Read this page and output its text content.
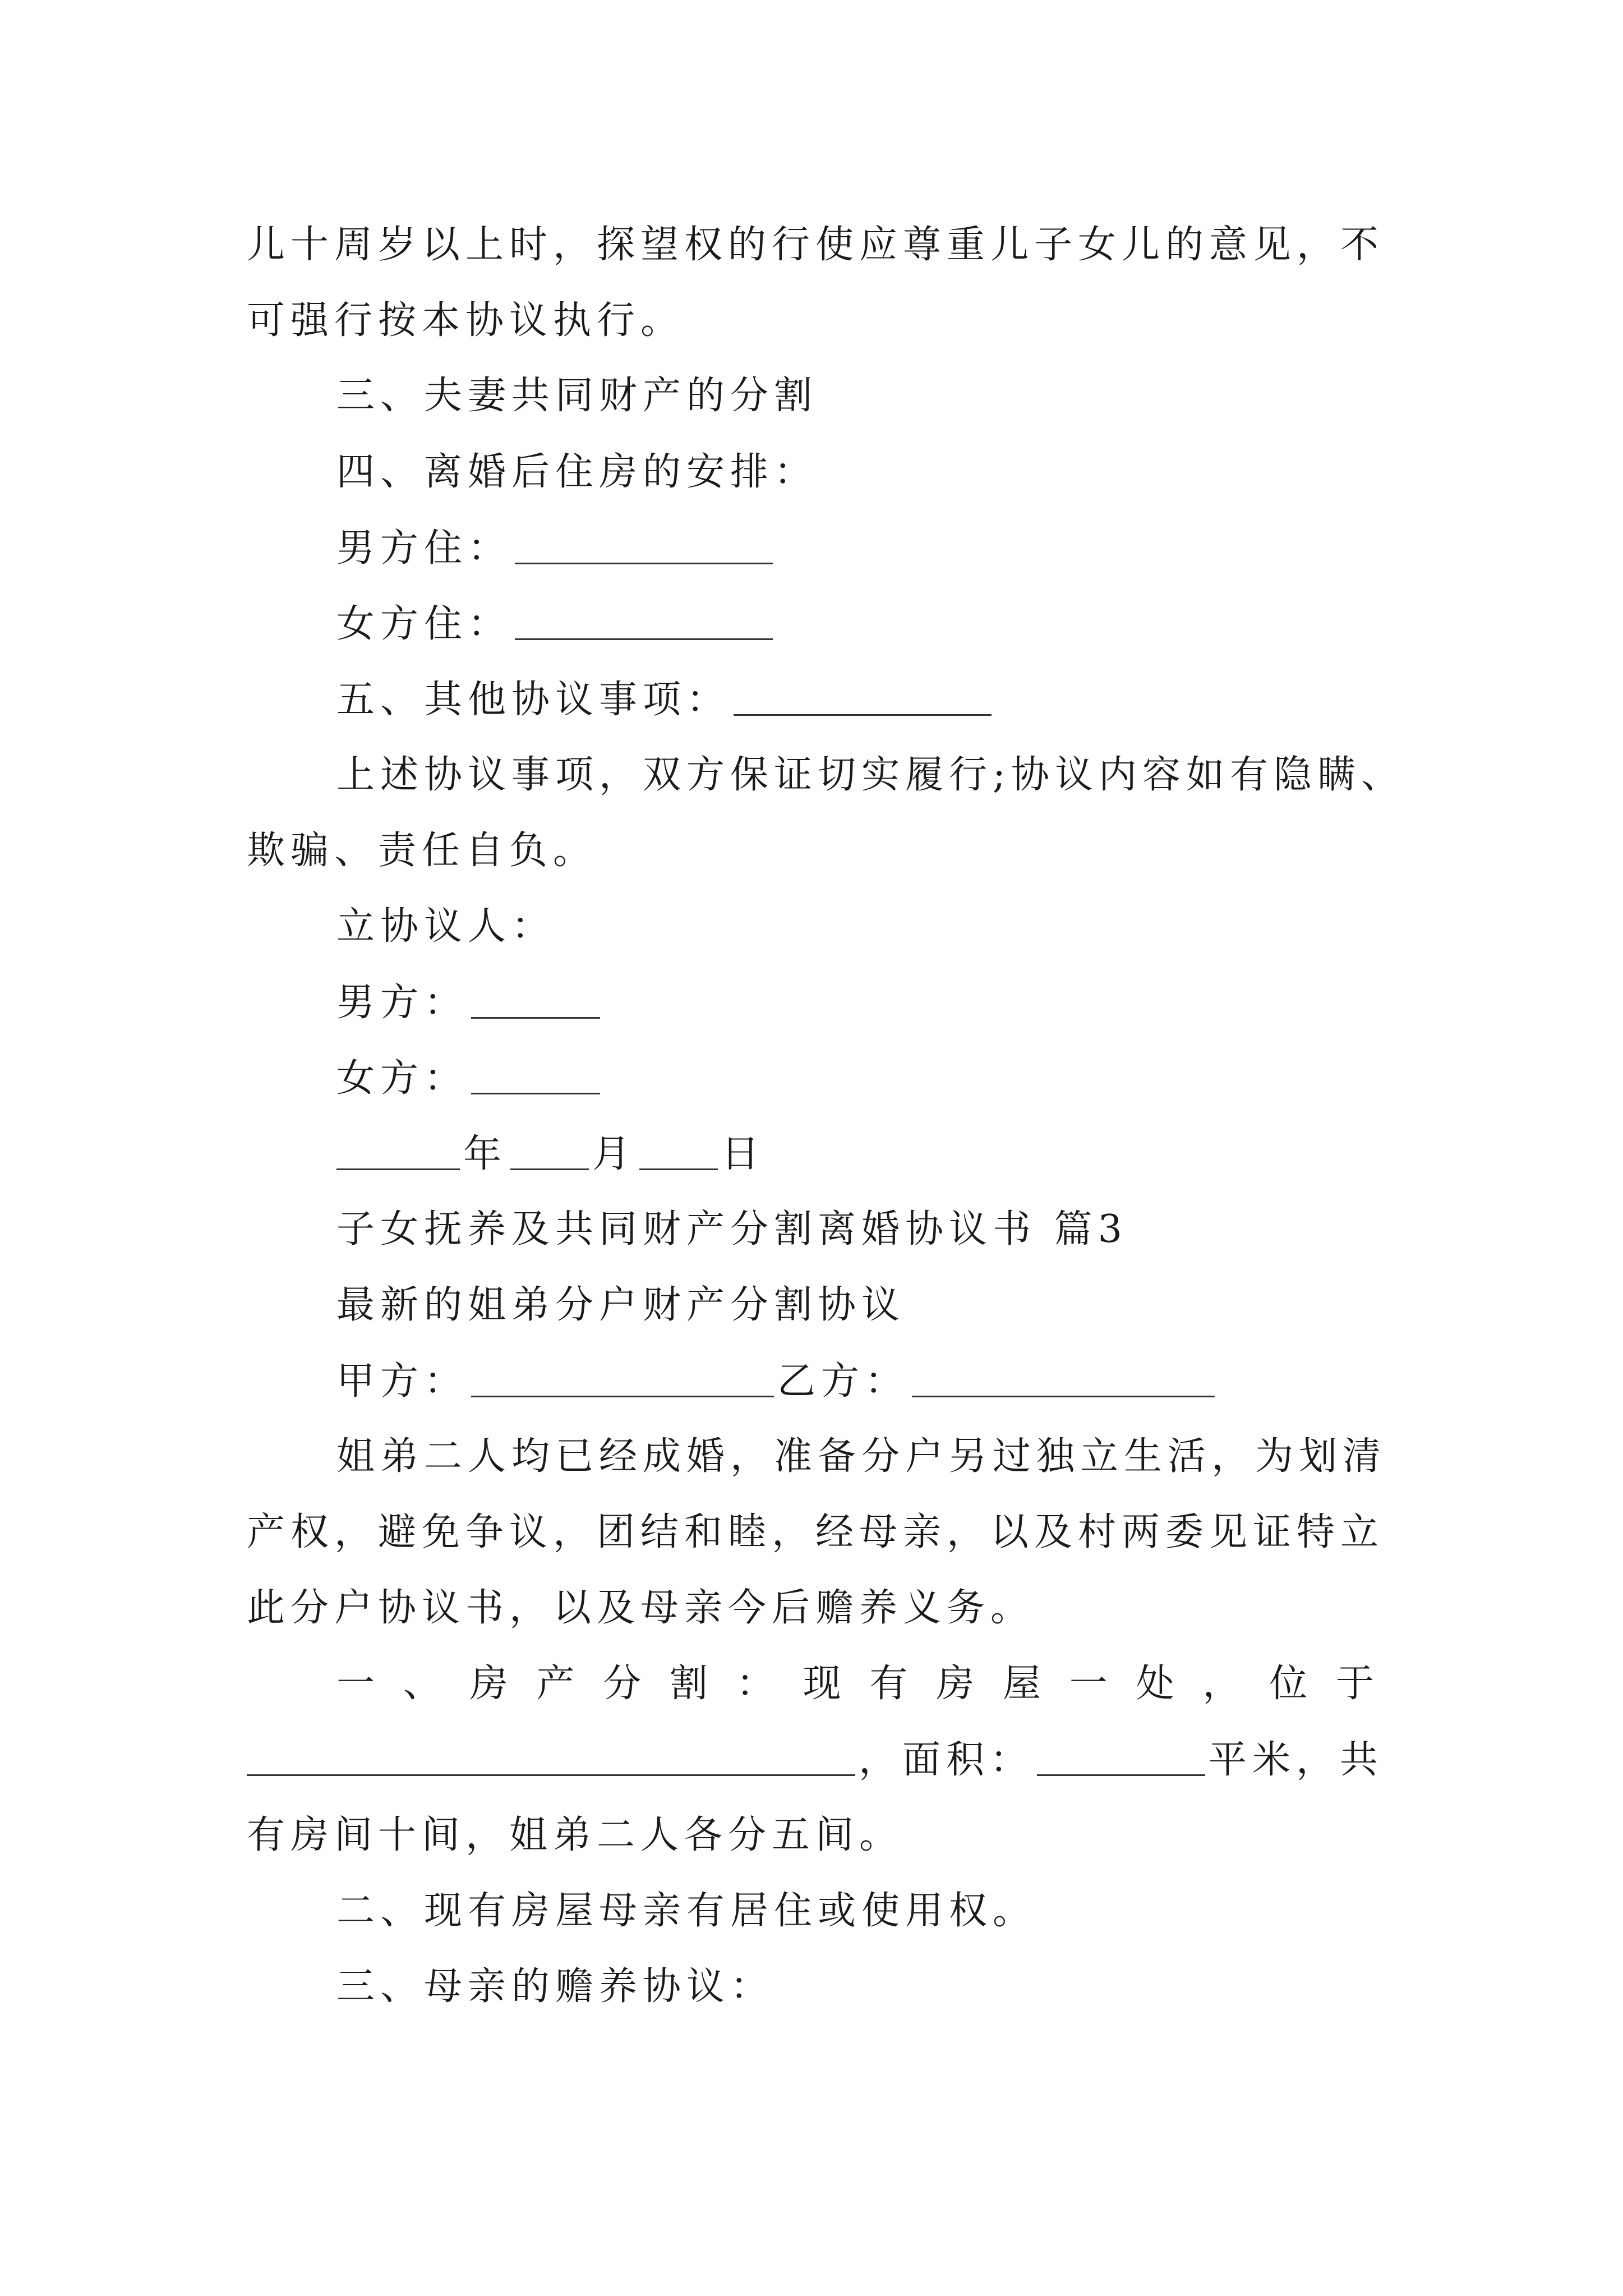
儿十周岁以上时，探望权的行使应尊重儿子女儿的意见，不
可强行按本协议执行。
三、夫妻共同财产的分割
四、离婚后住房的安排：
男方住：
女方住：
五、其他协议事项：
上述协议事项，双方保证切实履行;协议内容如有隐瞒、
欺骗、责任自负。
立协议人：
男方：
女方：
年 月 日
子女抚养及共同财产分割离婚协议书 篇3
最新的姐弟分户财产分割协议
甲方：	乙方：
姐弟二人均已经成婚，准备分户另过独立生活，为划清
产权，避免争议，团结和睦，经母亲，以及村两委见证特立
此分户协议书，以及母亲今后赡养义务。
一 、 房 产 分 割 ： 现 有 房 屋 一 处 ， 位 于
，面积：	平米，共
有房间十间，姐弟二人各分五间。
二、现有房屋母亲有居住或使用权。
三、母亲的赡养协议：
